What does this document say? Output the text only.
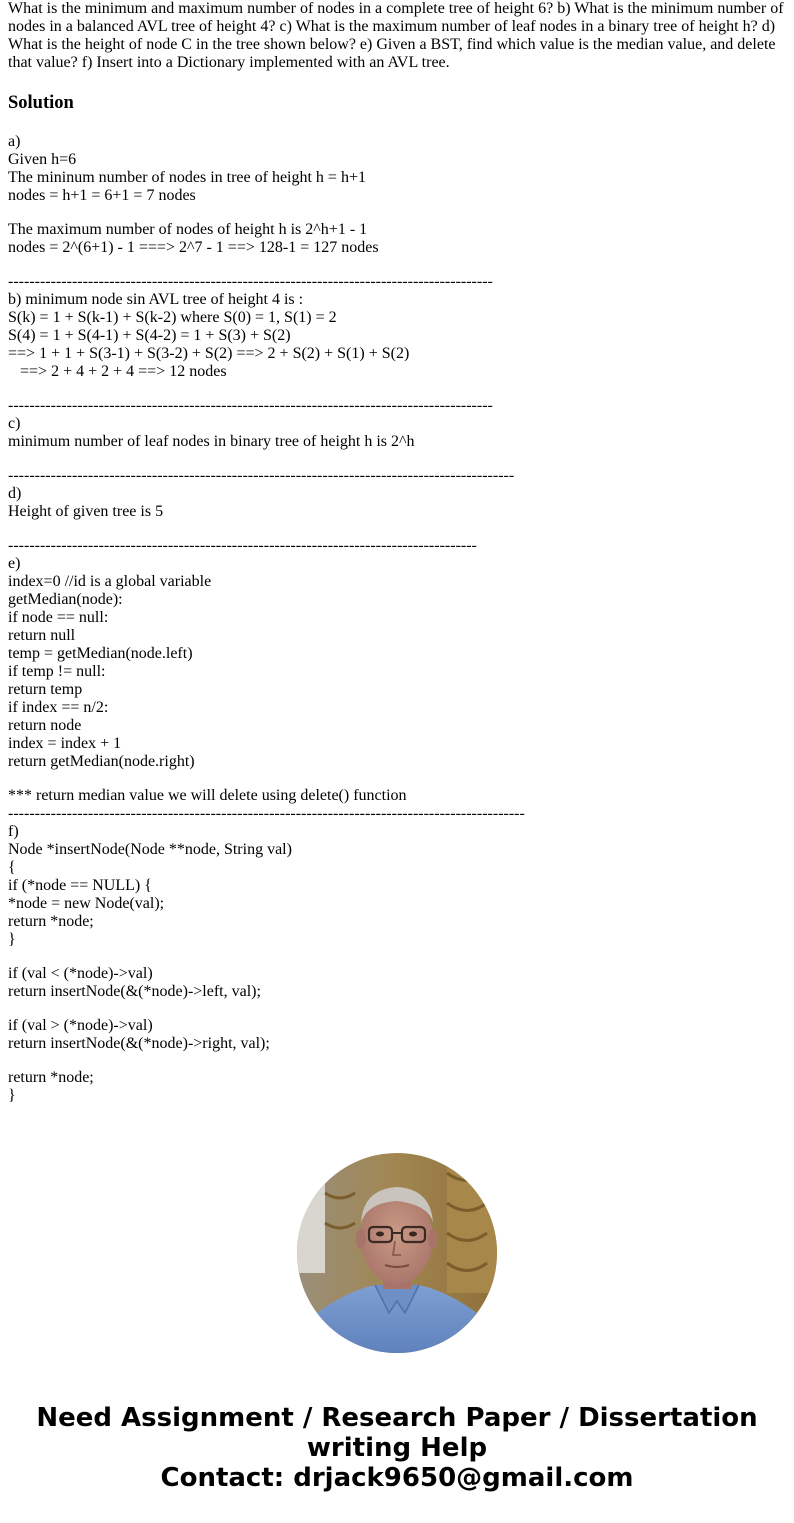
What is the minimum and maximum number of nodes in a complete tree of height 6? b) What is the minimum number of nodes in a balanced AVL tree of height 4? c) What is the maximum number of leaf nodes in a binary tree of height h? d) What is the height of node C in the tree shown below? e) Given a BST, find which value is the median value, and delete that value? f) Insert into a Dictionary implemented with an AVL tree.

Solution
a)
Given h=6
The mininum number of nodes in tree of height h = h+1
nodes = h+1 = 6+1 = 7 nodes
The maximum number of nodes of height h is 2^h+1 - 1
nodes = 2^(6+1) - 1 ===> 2^7 - 1 ==> 128-1 = 127 nodes
-------------------------------------------------------------------------------------------
b) minimum node sin AVL tree of height 4 is :
S(k) = 1 + S(k-1) + S(k-2) where S(0) = 1, S(1) = 2
S(4) = 1 + S(4-1) + S(4-2) = 1 + S(3) + S(2)
==> 1 + 1 + S(3-1) + S(3-2) + S(2) ==> 2 + S(2) + S(1) + S(2)
==> 2 + 4 + 2 + 4 ==> 12 nodes
-------------------------------------------------------------------------------------------
c)
minimum number of leaf nodes in binary tree of height h is 2^h
-----------------------------------------------------------------------------------------------
d)
Height of given tree is 5
----------------------------------------------------------------------------------------
e)
index=0 //id is a global variable
getMedian(node):
if node == null:
return null
temp = getMedian(node.left)
if temp != null:
return temp
if index == n/2:
return node
index = index + 1
return getMedian(node.right)
*** return median value we will delete using delete() function
-------------------------------------------------------------------------------------------------
f)
Node *insertNode(Node **node, String val)
{
if (*node == NULL) {
*node = new Node(val);
return *node;
}
if (val < (*node)->val)
return insertNode(&(*node)->left, val);
if (val > (*node)->val)
return insertNode(&(*node)->right, val);
return *node;
}
Need Assignment / Research Paper / Dissertation
writing Help
Contact: drjack9650@gmail.com
